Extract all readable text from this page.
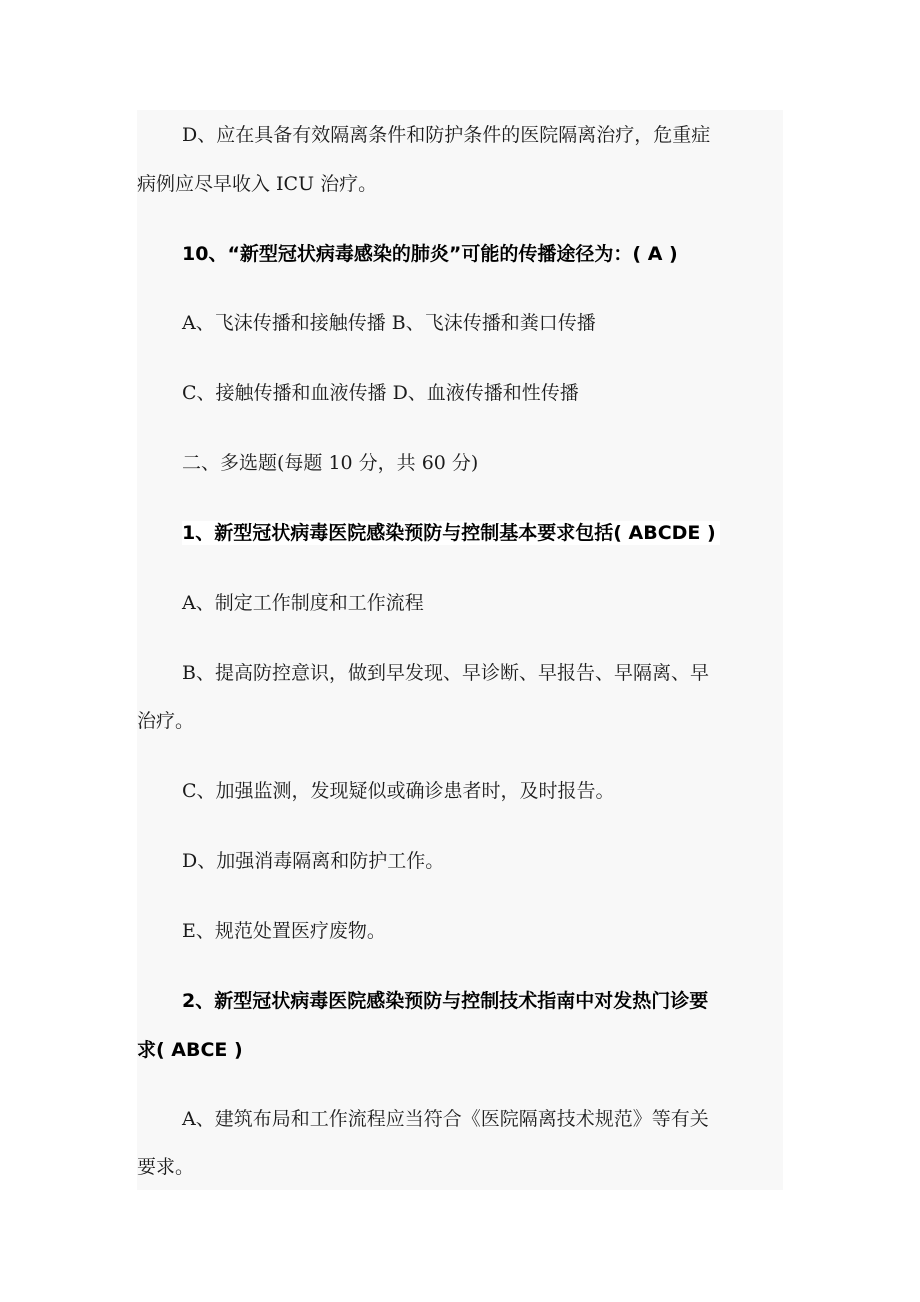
D、应在具备有效隔离条件和防护条件的医院隔离治疗，危重症
病例应尽早收入 ICU 治疗。
10、“新型冠状病毒感染的肺炎”可能的传播途径为：( A )
A、飞沫传播和接触传播 B、飞沫传播和粪口传播
C、接触传播和血液传播 D、血液传播和性传播
二、多选题(每题 10 分，共 60 分)
1、新型冠状病毒医院感染预防与控制基本要求包括( ABCDE )
A、制定工作制度和工作流程
B、提高防控意识，做到早发现、早诊断、早报告、早隔离、早
治疗。
C、加强监测，发现疑似或确诊患者时，及时报告。
D、加强消毒隔离和防护工作。
E、规范处置医疗废物。
2、新型冠状病毒医院感染预防与控制技术指南中对发热门诊要
求( ABCE )
A、建筑布局和工作流程应当符合《医院隔离技术规范》等有关
要求。
